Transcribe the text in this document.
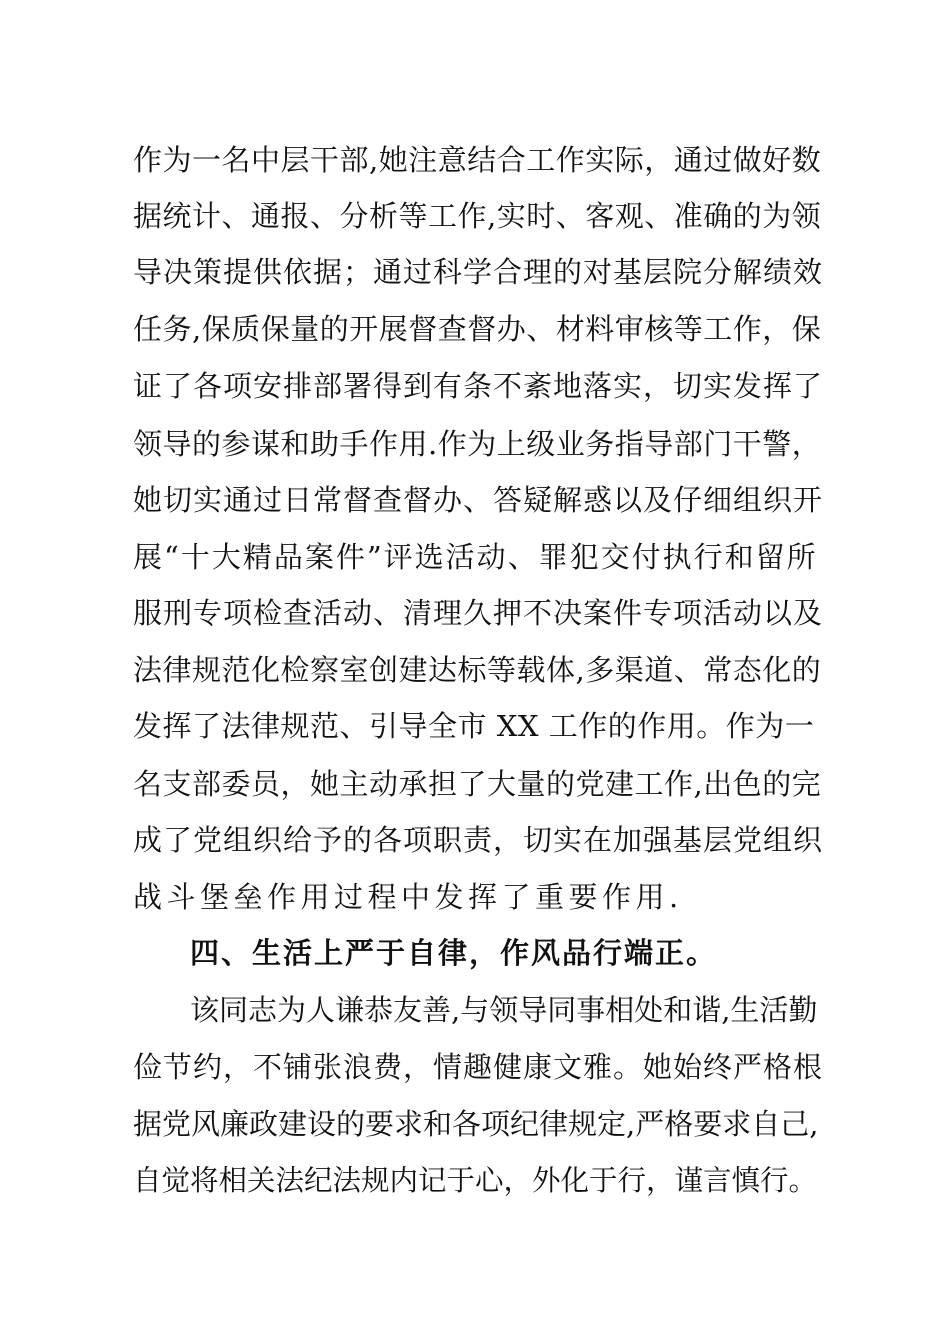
作为一名中层干部,她注意结合工作实际，通过做好数
据统计、通报、分析等工作,实时、客观、准确的为领
导决策提供依据；通过科学合理的对基层院分解绩效
任务,保质保量的开展督查督办、材料审核等工作，保
证了各项安排部署得到有条不紊地落实，切实发挥了
领导的参谋和助手作用.作为上级业务指导部门干警，
她切实通过日常督查督办、答疑解惑以及仔细组织开
展“十大精品案件”评选活动、罪犯交付执行和留所
服刑专项检查活动、清理久押不决案件专项活动以及
法律规范化检察室创建达标等载体,多渠道、常态化的
发挥了法律规范、引导全市 XX 工作的作用。作为一
名支部委员，她主动承担了大量的党建工作,出色的完
成了党组织给予的各项职责，切实在加强基层党组织
战斗堡垒作用过程中发挥了重要作用.
四、生活上严于自律，作风品行端正。
该同志为人谦恭友善,与领导同事相处和谐,生活勤
俭节约，不铺张浪费，情趣健康文雅。她始终严格根
据党风廉政建设的要求和各项纪律规定,严格要求自己,
自觉将相关法纪法规内记于心，外化于行，谨言慎行。
